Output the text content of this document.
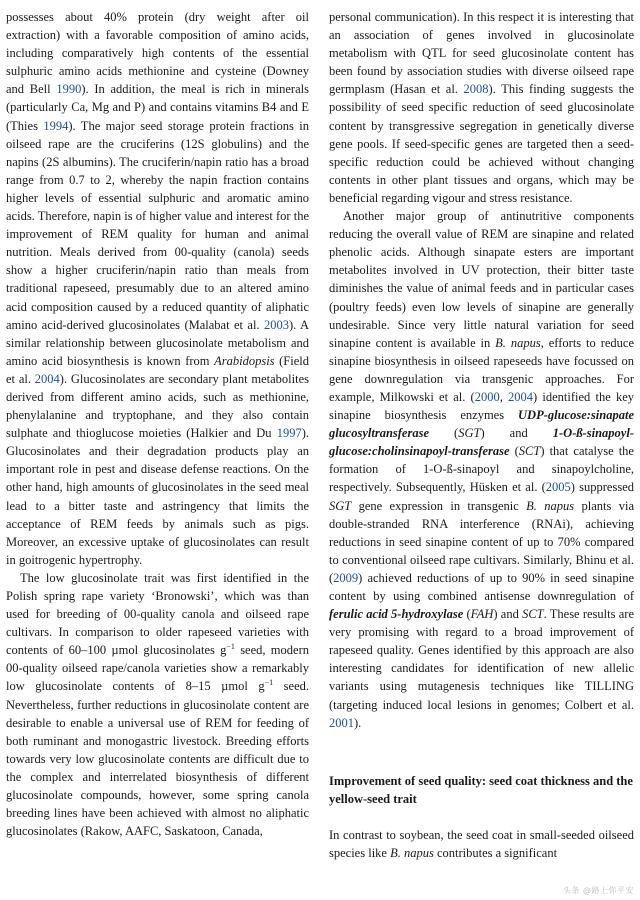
possesses about 40% protein (dry weight after oil extraction) with a favorable composition of amino acids, including comparatively high contents of the essential sulphuric amino acids methionine and cysteine (Downey and Bell 1990). In addition, the meal is rich in minerals (particularly Ca, Mg and P) and contains vitamins B4 and E (Thies 1994). The major seed storage protein fractions in oilseed rape are the cruciferins (12S globulins) and the napins (2S albumins). The cruciferin/napin ratio has a broad range from 0.7 to 2, whereby the napin fraction contains higher levels of essential sulphuric and aromatic amino acids. Therefore, napin is of higher value and interest for the improvement of REM quality for human and animal nutrition. Meals derived from 00-quality (canola) seeds show a higher cruciferin/napin ratio than meals from traditional rapeseed, presumably due to an altered amino acid composition caused by a reduced quantity of aliphatic amino acid-derived glucosinolates (Malabat et al. 2003). A similar relationship between glucosinolate metabolism and amino acid biosynthesis is known from Arabidopsis (Field et al. 2004). Glucosinolates are secondary plant metabolites derived from different amino acids, such as methionine, phenylalanine and tryptophane, and they also contain sulphate and thioglucose moieties (Halkier and Du 1997). Glucosinolates and their degradation products play an important role in pest and disease defense reactions. On the other hand, high amounts of glucosinolates in the seed meal lead to a bitter taste and astringency that limits the acceptance of REM feeds by animals such as pigs. Moreover, an excessive uptake of glucosinolates can result in goitrogenic hypertrophy.

The low glucosinolate trait was first identified in the Polish spring rape variety ‘Bronowski’, which was than used for breeding of 00-quality canola and oilseed rape cultivars. In comparison to older rapeseed varieties with contents of 60–100 µmol glucosinolates $g^{-1}$ seed, modern 00-quality oilseed rape/canola varieties show a remarkably low glucosinolate contents of 8–15 µmol $g^{-1}$ seed. Nevertheless, further reductions in glucosinolate content are desirable to enable a universal use of REM for feeding of both ruminant and monogastric livestock. Breeding efforts towards very low glucosinolate contents are difficult due to the complex and interrelated biosynthesis of different glucosinolate compounds, however, some spring canola breeding lines have been achieved with almost no aliphatic glucosinolates (Rakow, AAFC, Saskatoon, Canada,

personal communication). In this respect it is interesting that an association of genes involved in glucosinolate metabolism with QTL for seed glucosinolate content has been found by association studies with diverse oilseed rape germplasm (Hasan et al. 2008). This finding suggests the possibility of seed specific reduction of seed glucosinolate content by transgressive segregation in genetically diverse gene pools. If seed-specific genes are targeted then a seed-specific reduction could be achieved without changing contents in other plant tissues and organs, which may be beneficial regarding vigour and stress resistance.

Another major group of antinutritive components reducing the overall value of REM are sinapine and related phenolic acids. Although sinapate esters are important metabolites involved in UV protection, their bitter taste diminishes the value of animal feeds and in particular cases (poultry feeds) even low levels of sinapine are generally undesirable. Since very little natural variation for seed sinapine content is available in B. napus, efforts to reduce sinapine biosynthesis in oilseed rapeseeds have focussed on gene downregulation via transgenic approaches. For example, Milkowski et al. (2000, 2004) identified the key sinapine biosynthesis enzymes UDP-glucose:sinapate glucosyltransferase (SGT) and 1-O-ß-sinapoyl-glucose:cholinsinapoyl-transferase (SCT) that catalyse the formation of 1-O-ß-sinapoyl and sinapoylcholine, respectively. Subsequently, Hüsken et al. (2005) suppressed SGT gene expression in transgenic B. napus plants via double-stranded RNA interference (RNAi), achieving reductions in seed sinapine content of up to 70% compared to conventional oilseed rape cultivars. Similarly, Bhinu et al. (2009) achieved reductions of up to 90% in seed sinapine content by using combined antisense downregulation of ferulic acid 5-hydroxylase (FAH) and SCT. These results are very promising with regard to a broad improvement of rapeseed quality. Genes identified by this approach are also interesting candidates for identification of new allelic variants using mutagenesis techniques like TILLING (targeting induced local lesions in genomes; Colbert et al. 2001).

Improvement of seed quality: seed coat thickness and the yellow-seed trait

In contrast to soybean, the seed coat in small-seeded oilseed species like B. napus contributes a significant

头条 @路上你平安
